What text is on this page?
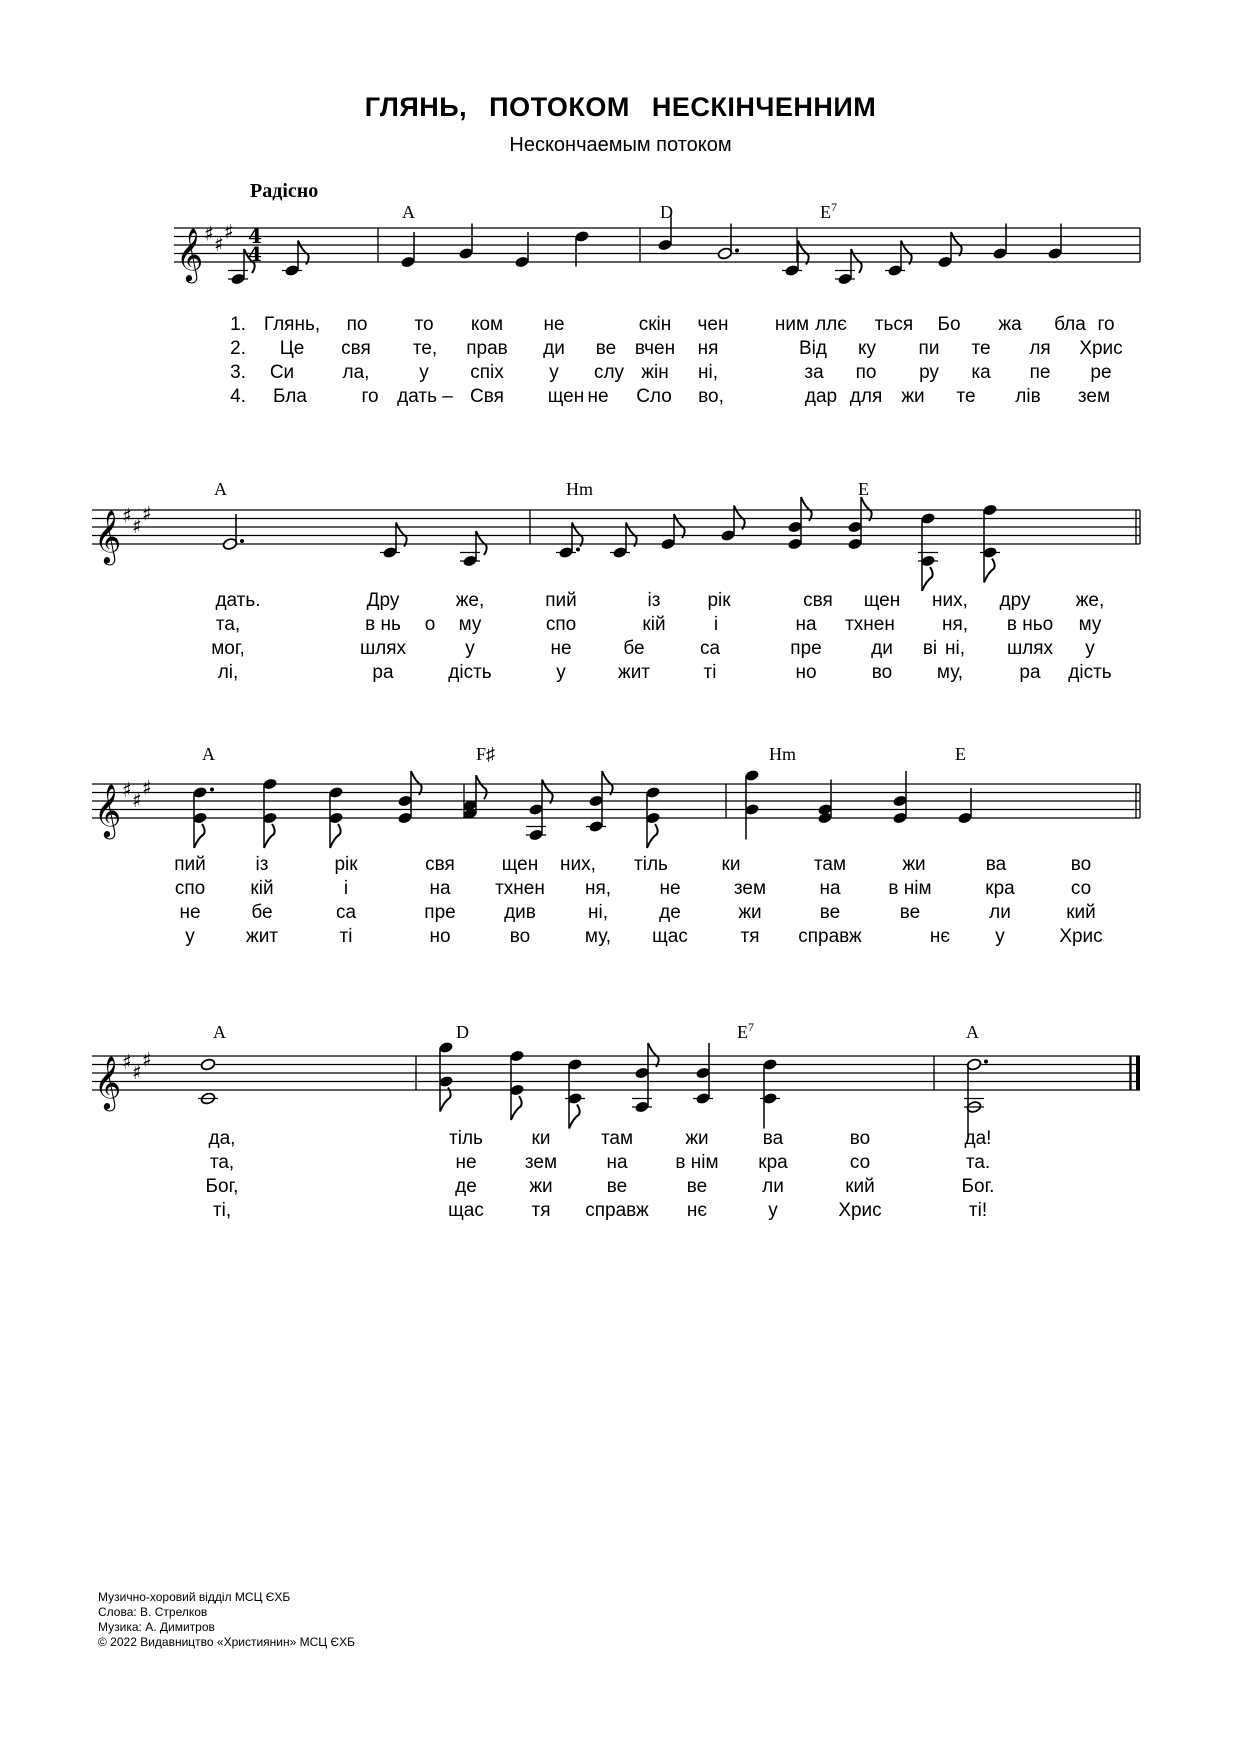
ГЛЯНЬ, ПОТОКОМ НЕСКІНЧЕННИМ
Нескончаемым потоком
Радісно
𝄞 ♯ ♯
♯ 4
4
A	D	$E^7$
1. Глянь, по то ком не	скін чен ним ллє ться Бо жа бла го
2. Це свя те, прав ди ве вчен ня	Від ку пи те ля Хрис
3. Си	ла,	у спіх у слу жін ні,	за по ру ка пе ре
4. Бла	го дать – Свя щен не Сло во,	дар для жи те лів зем
𝄞 ♯ ♯
♯
A	Hm	E
дать.	Дру	же,	пий	із рік	свя щен них, дру же,
та,	в нь о му	спо	кій	і	на тхнен ня, в ньо му
мог,	шлях	у	не	бе	са	пре	ди ві ні, шлях у
лі,	ра	дість	у	жит	ті	но	во му,	ра дість
𝄞 ♯ ♯
♯
A	F♯	Hm	E
пий	із	рік	свя щен них, тіль	ки	там	жи	ва	во
спо кій	і	на тхнен ня,	не	зем	на	в нім	кра	со
не	бе	са	пре	див	ні,	де	жи	ве	ве	ли	кий
у	жит	ті	но	во	му, щас	тя справж	нє у	Хрис
𝄞 ♯ ♯
♯
A	D	$E^7$	A
да,	тіль	ки	там	жи	ва	во	да!
та,	не	зем	на	в нім кра	со	та.
Бог,	де	жи	ве	ве	ли	кий	Бог.
ті,	щас	тя справж нє	у	Хрис	ті!
Музично-хоровий відділ МСЦ ЄХБ
Слова: В. Стрелков
Музика: А. Димитров
© 2022 Видавництво «Християнин» МСЦ ЄХБ
